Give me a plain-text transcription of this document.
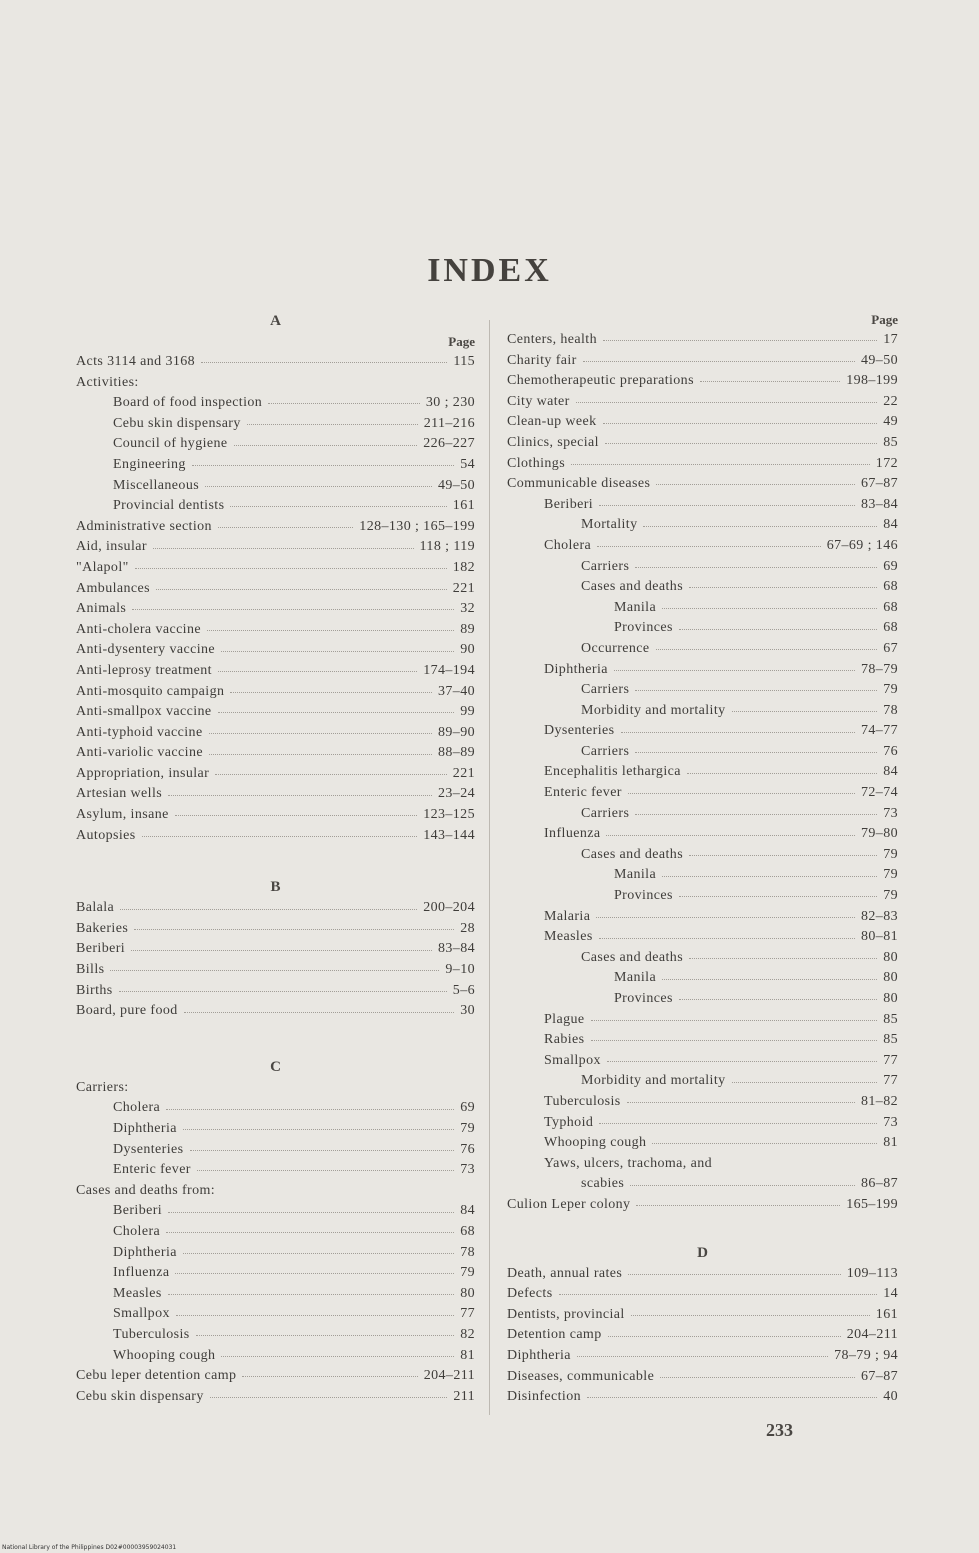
INDEX
A
Page
Acts 3114 and 3168	115
Activities:
Board of food inspection	30 ; 230
Cebu skin dispensary	211–216
Council of hygiene	226–227
Engineering	54
Miscellaneous	49–50
Provincial dentists	161
Administrative section	128–130 ; 165–199
Aid, insular	118 ; 119
"Alapol"	182
Ambulances	221
Animals	32
Anti-cholera vaccine	89
Anti-dysentery vaccine	90
Anti-leprosy treatment	174–194
Anti-mosquito campaign	37–40
Anti-smallpox vaccine	99
Anti-typhoid vaccine	89–90
Anti-variolic vaccine	88–89
Appropriation, insular	221
Artesian wells	23–24
Asylum, insane	123–125
Autopsies	143–144
B
Balala	200–204
Bakeries	28
Beriberi	83–84
Bills	9–10
Births	5–6
Board, pure food	30
C
Carriers:
Cholera	69
Diphtheria	79
Dysenteries	76
Enteric fever	73
Cases and deaths from:
Beriberi	84
Cholera	68
Diphtheria	78
Influenza	79
Measles	80
Smallpox	77
Tuberculosis	82
Whooping cough	81
Cebu leper detention camp	204–211
Cebu skin dispensary	211
Page
Centers, health	17
Charity fair	49–50
Chemotherapeutic preparations	198–199
City water	22
Clean-up week	49
Clinics, special	85
Clothings	172
Communicable diseases	67–87
Beriberi	83–84
Mortality	84
Cholera	67–69 ; 146
Carriers	69
Cases and deaths	68
Manila	68
Provinces	68
Occurrence	67
Diphtheria	78–79
Carriers	79
Morbidity and mortality	78
Dysenteries	74–77
Carriers	76
Encephalitis lethargica	84
Enteric fever	72–74
Carriers	73
Influenza	79–80
Cases and deaths	79
Manila	79
Provinces	79
Malaria	82–83
Measles	80–81
Cases and deaths	80
Manila	80
Provinces	80
Plague	85
Rabies	85
Smallpox	77
Morbidity and mortality	77
Tuberculosis	81–82
Typhoid	73
Whooping cough	81
Yaws, ulcers, trachoma, and
scabies	86–87
Culion Leper colony	165–199
D
Death, annual rates	109–113
Defects	14
Dentists, provincial	161
Detention camp	204–211
Diphtheria	78–79 ; 94
Diseases, communicable	67–87
Disinfection	40
233
National Library of the Philippines D02#00003959024031
